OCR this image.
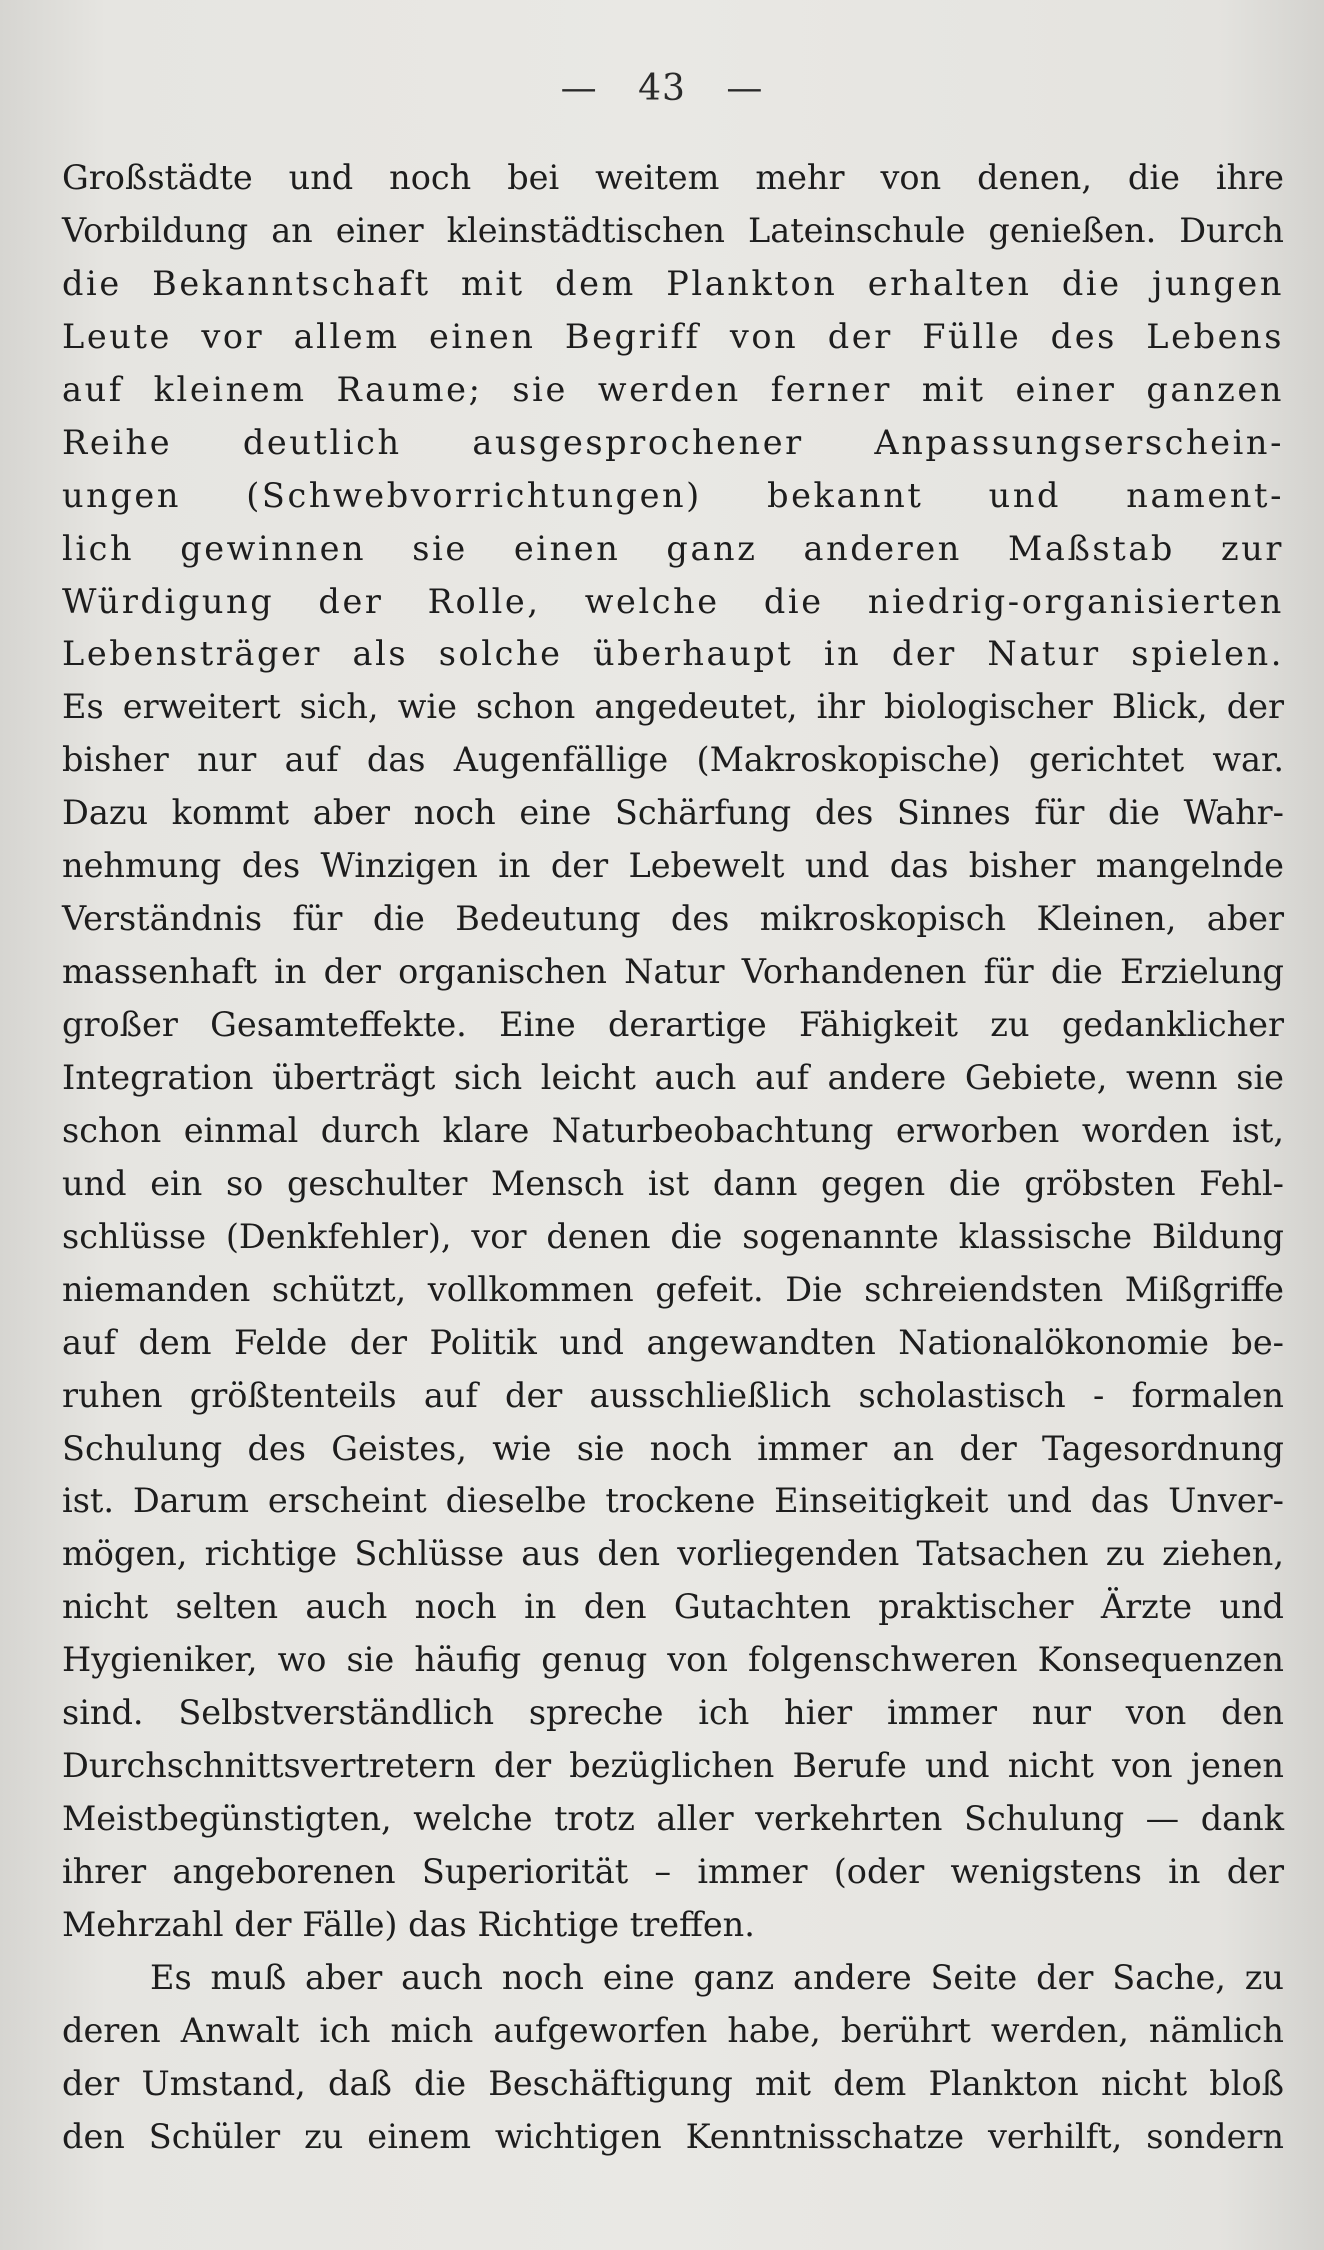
— 43 —
Großstädte und noch bei weitem mehr von denen, die ihre
Vorbildung an einer kleinstädtischen Lateinschule genießen. Durch
die Bekanntschaft mit dem Plankton erhalten die jungen
Leute vor allem einen Begriff von der Fülle des Lebens
auf kleinem Raume; sie werden ferner mit einer ganzen
Reihe deutlich ausgesprochener Anpassungserschein-
ungen (Schwebvorrichtungen) bekannt und nament-
lich gewinnen sie einen ganz anderen Maßstab zur
Würdigung der Rolle, welche die niedrig-organisierten
Lebensträger als solche überhaupt in der Natur spielen.
Es erweitert sich, wie schon angedeutet, ihr biologischer Blick, der
bisher nur auf das Augenfällige (Makroskopische) gerichtet war.
Dazu kommt aber noch eine Schärfung des Sinnes für die Wahr-
nehmung des Winzigen in der Lebewelt und das bisher mangelnde
Verständnis für die Bedeutung des mikroskopisch Kleinen, aber
massenhaft in der organischen Natur Vorhandenen für die Erzielung
großer Gesamteffekte. Eine derartige Fähigkeit zu gedanklicher
Integration überträgt sich leicht auch auf andere Gebiete, wenn sie
schon einmal durch klare Naturbeobachtung erworben worden ist,
und ein so geschulter Mensch ist dann gegen die gröbsten Fehl-
schlüsse (Denkfehler), vor denen die sogenannte klassische Bildung
niemanden schützt, vollkommen gefeit. Die schreiendsten Mißgriffe
auf dem Felde der Politik und angewandten Nationalökonomie be-
ruhen größtenteils auf der ausschließlich scholastisch - formalen
Schulung des Geistes, wie sie noch immer an der Tagesordnung
ist. Darum erscheint dieselbe trockene Einseitigkeit und das Unver-
mögen, richtige Schlüsse aus den vorliegenden Tatsachen zu ziehen,
nicht selten auch noch in den Gutachten praktischer Ärzte und
Hygieniker, wo sie häufig genug von folgenschweren Konsequenzen
sind. Selbstverständlich spreche ich hier immer nur von den
Durchschnittsvertretern der bezüglichen Berufe und nicht von jenen
Meistbegünstigten, welche trotz aller verkehrten Schulung — dank
ihrer angeborenen Superiorität – immer (oder wenigstens in der
Mehrzahl der Fälle) das Richtige treffen.
Es muß aber auch noch eine ganz andere Seite der Sache, zu
deren Anwalt ich mich aufgeworfen habe, berührt werden, nämlich
der Umstand, daß die Beschäftigung mit dem Plankton nicht bloß
den Schüler zu einem wichtigen Kenntnisschatze verhilft, sondern
